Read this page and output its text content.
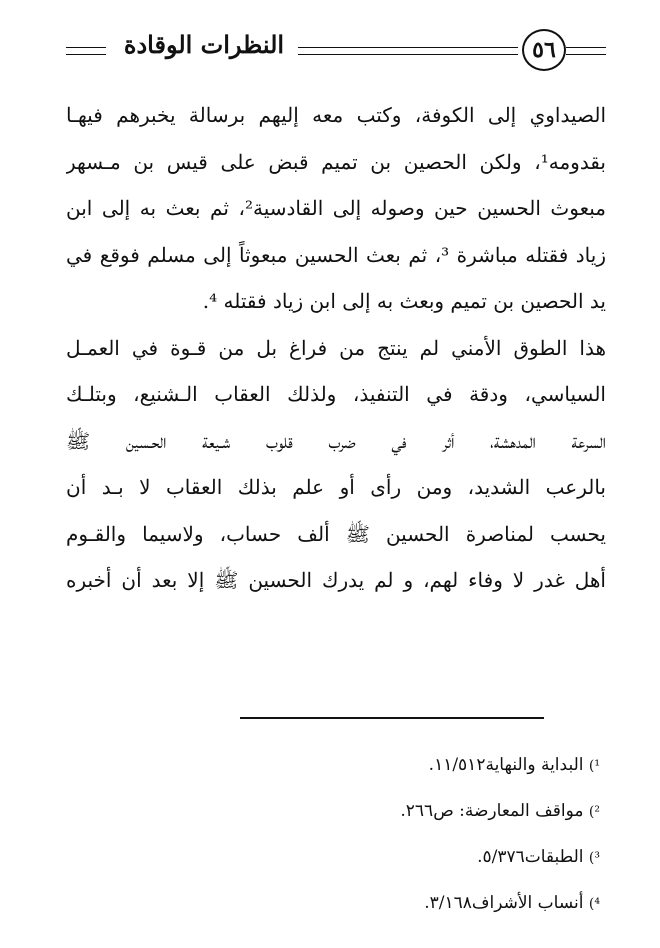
النظرات الوقادة	٥٦
الصيداوي إلى الكوفة، وكتب معه إليهم برسالة يخبرهم فيهـا
بقدومه¹، ولكن الحصين بن تميم قبض على قيس بن مـسهر
مبعوث الحسين حين وصوله إلى القادسية²، ثم بعث به إلى ابن
زياد فقتله مباشرة ³، ثم بعث الحسين مبعوثاً إلى مسلم فوقع في
يد الحصين بن تميم وبعث به إلى ابن زياد فقتله ⁴.
هذا الطوق الأمني لم ينتج من فراغ بل من قـوة في العمـل
السياسي، ودقة في التنفيذ، ولذلك العقاب الـشنيع، وبتلـك
السرعة المدهشة، أثر في ضرب قلوب شـيعة الحـسين ﷺ
بالرعب الشديد، ومن رأى أو علم بذلك العقاب لا بـد أن
يحسب لمناصرة الحسين ﷺ ألف حساب، ولاسيما والقـوم
أهل غدر لا وفاء لهم، و لم يدرك الحسين ﷺ إلا بعد أن أخبره
¹) البداية والنهاية١١/٥١٢.
²) مواقف المعارضة: ص٢٦٦.
³) الطبقات٥/٣٧٦.
⁴) أنساب الأشراف٣/١٦٨.
